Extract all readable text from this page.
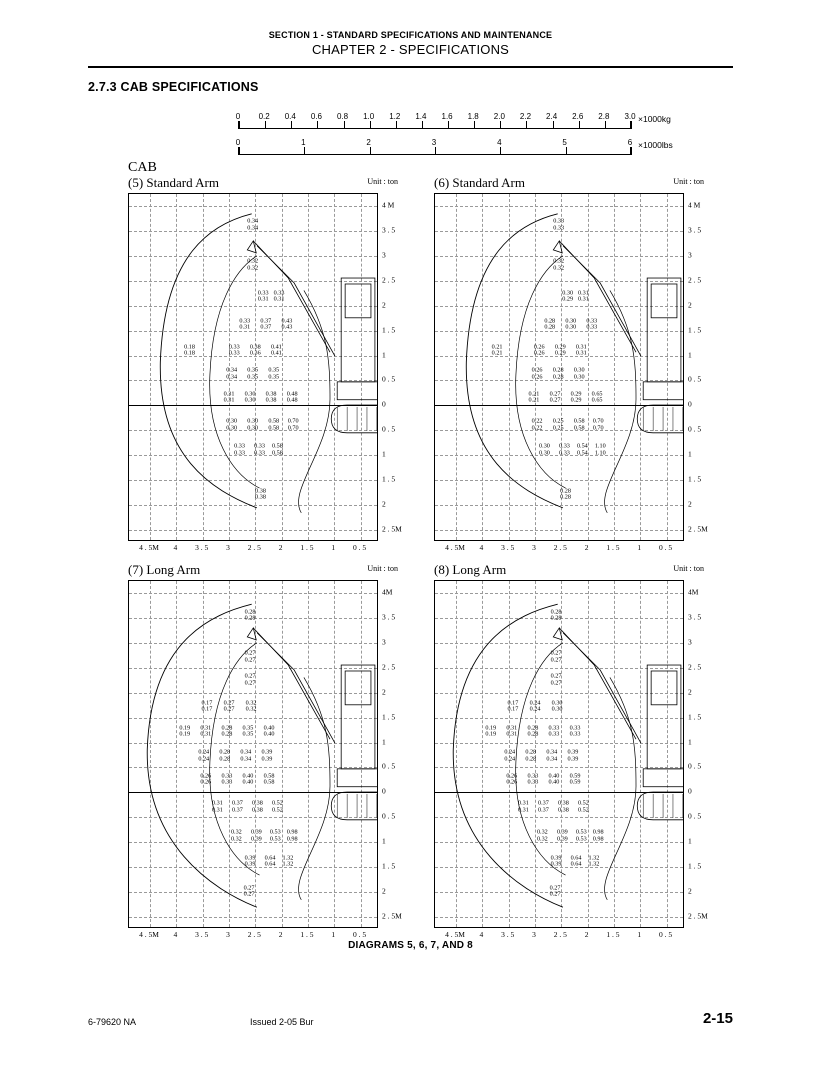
SECTION 1 - STANDARD SPECIFICATIONS AND MAINTENANCE
CHAPTER 2 - SPECIFICATIONS
2.7.3 CAB SPECIFICATIONS
0 0.2 0.4 0.6 0.8 1.0 1.2 1.4 1.6 1.8 2.0 2.2 2.4 2.6 2.8 3.0 ×1000kg
0	1	2	3	4	5	6 ×1000lbs
CAB
(5) Standard Arm	Unit : ton
0.34
0.34
0.32
0.32
0.33
0.31
0.33
0.31
0.33
0.31
0.37
0.37
0.43
0.43
0.18
0.18
0.33
0.33
0.38
0.36
0.41
0.41
0.34
0.34
0.35
0.35
0.35
0.35
0.31
0.31
0.30
0.30
0.38
0.38
0.48
0.48
0.30
0.30
0.30
0.30
0.58
0.58
0.70
0.70
0.33
0.33
0.33
0.33
0.58
0.58
0.38
0.38
4 M
3 . 5
3
2 . 5
2
1 . 5
1
0 . 5
0
0 . 5
1
1 . 5
2
2 . 5M
4 . 5M 4 3 . 5 3 2 . 5 2 1 . 5 1 0 . 5
(6) Standard Arm	Unit : ton
0.33
0.33
0.32
0.32
0.30
0.29
0.31
0.31
0.28
0.28
0.30
0.30
0.33
0.33
0.21
0.21
0.26
0.26
0.29
0.29
0.31
0.31
0.26
0.26
0.28
0.28
0.30
0.30
0.21
0.21
0.27
0.27
0.29
0.29
0.65
0.65
0.22
0.22
0.25
0.25
0.58
0.58
0.70
0.70
0.30
0.30
0.33
0.33
0.54
0.54
1.10
1.10
0.28
0.28
4 M
3 . 5
3
2 . 5
2
1 . 5
1
0 . 5
0
0 . 5
1
1 . 5
2
2 . 5M
4 . 5M 4 3 . 5 3 2 . 5 2 1 . 5 1 0 . 5
(7) Long Arm	Unit : ton
0.28
0.28
0.27
0.27
0.27
0.27
0.17
0.17
0.27
0.27
0.32
0.32
0.19
0.19
0.31
0.31
0.28
0.28
0.35
0.35
0.40
0.40
0.24
0.24
0.28
0.28
0.34
0.34
0.39
0.39
0.26
0.26
0.33
0.33
0.40
0.40
0.58
0.58
0.31
0.31
0.37
0.37
0.38
0.38
0.52
0.52
0.32
0.32
0.39
0.39
0.53
0.53
0.98
0.98
0.39
0.39
0.64
0.64
1.32
1.32
0.27
0.27
4M
3 . 5
3
2 . 5
2
1 . 5
1
0 . 5
0
0 . 5
1
1 . 5
2
2 . 5M
4 . 5M 4 3 . 5 3 2 . 5 2 1 . 5 1 0 . 5
(8) Long Arm	Unit : ton
0.28
0.28
0.27
0.27
0.27
0.27
0.17
0.17
0.24
0.24
0.30
0.30
0.19
0.19
0.31
0.31
0.28
0.28
0.33
0.33
0.33
0.33
0.24
0.24
0.28
0.28
0.34
0.34
0.39
0.39
0.26
0.26
0.33
0.33
0.40
0.40
0.59
0.59
0.31
0.31
0.37
0.37
0.38
0.38
0.52
0.52
0.32
0.32
0.39
0.39
0.53
0.53
0.98
0.98
0.39
0.39
0.64
0.64
1.32
1.32
0.27
0.27
4M
3 . 5
3
2 . 5
2
1 . 5
1
0 . 5
0
0 . 5
1
1 . 5
2
2 . 5M
4 . 5M 4 3 . 5 3 2 . 5 2 1 . 5 1 0 . 5
DIAGRAMS 5, 6, 7, AND 8
6-79620 NA	Issued 2-05 Bur	2-15
